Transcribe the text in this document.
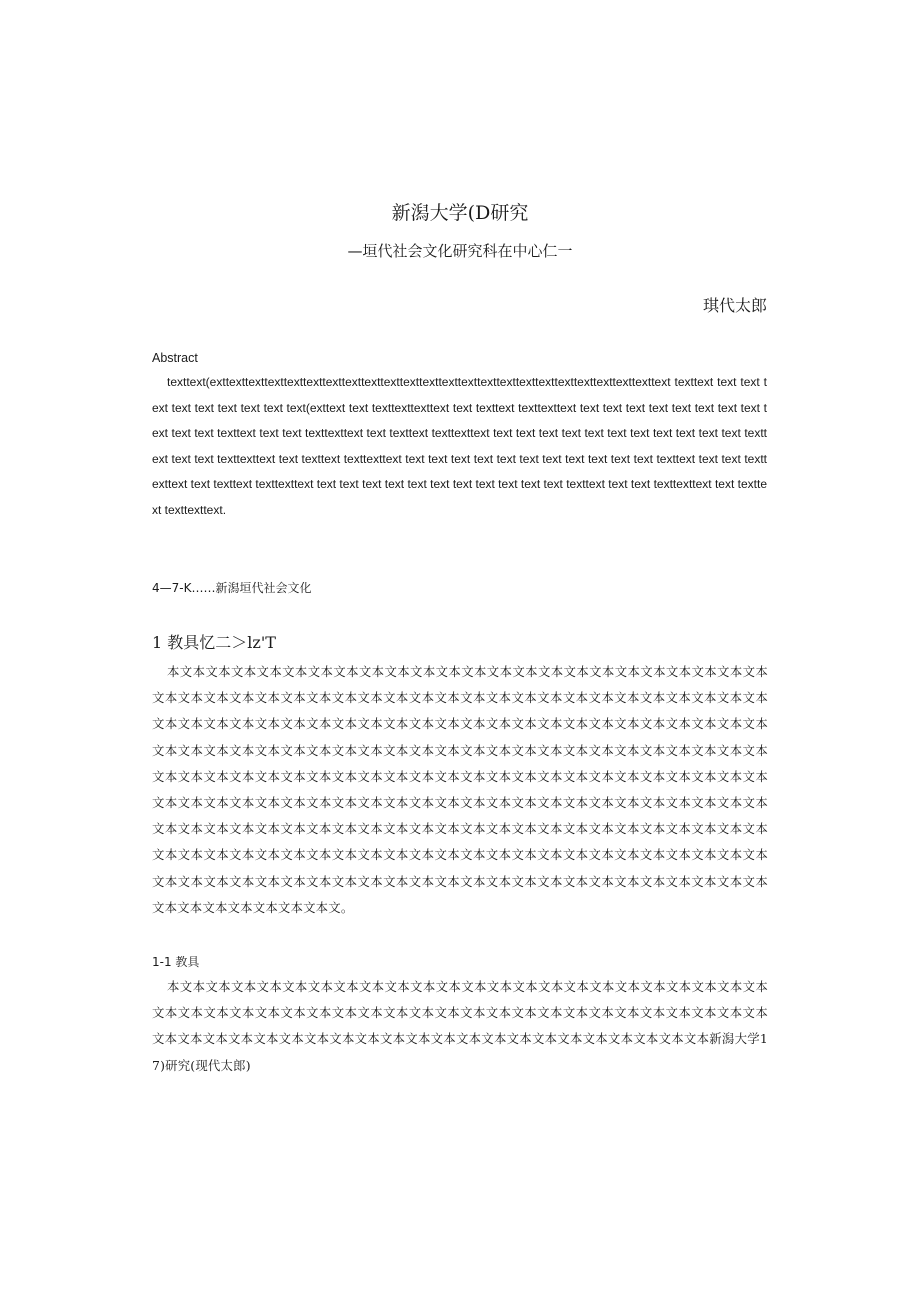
新潟大学(D研究
—垣代社会文化研究科在中心仁一
琪代太郎
Abstract
texttext(exttexttexttexttexttexttexttexttexttexttexttexttexttexttexttexttexttexttexttexttexttexttexttext texttext text text text text text text text text text(exttext text texttexttexttext text texttext texttexttext text text text text text text text text text text text texttext text text texttexttext text texttext texttexttext text text text text text text text text text text text texttext text text texttexttext text texttext texttexttext text text text text text text text text text text text texttext text text texttexttext text texttext texttexttext text text text text text text text text text text text texttext text text texttexttext text texttext texttexttext.
4—7-K……新潟垣代社会文化
1 教具忆二＞lz'T
本文本文本文本文本文本文本文本文本文本文本文本文本文本文本文本文本文本文本文本文本文本文本文本文本文本文本文本文本文本文本文本文本文本文本文本文本文本文本文本文本文本文本文本文本文本文本文本文本文本文本文本文本文本文本文本文本文本文本文本文本文本文本文本文本文本文本文本文本文本文本文本文本文本文本文本文本文本文本文本文本文本文本文本文本文本文本文本文本文本文本文本文本文本文本文本文本文本文本文本文本文本文本文本文本文本文本文本文本文本文本文本文本文本文本文本文本文本文本文本文本文本文本文本文本文本文本文本文本文本文本文本文本文本文本文本文本文本文本文本文本文本文本文本文本文本文本文本文本文本文本文本文本文本文本文本文本文本文本文本文本文本文本文本文本文本文本文本文本文本文本文本文本文本文本文本文本文本文本文本文本文本文本文本文本文本文本文本文本文本文本文本文本文本文本文本文本文本文本文本文本文本文本文本文本文本文本文本文本文本文本文本文本文本文本文本文本文本文本文本文本文本文本文。
1-1 教具
本文本文本文本文本文本文本文本文本文本文本文本文本文本文本文本文本文本文本文本文本文本文本文本文本文本文本文本文本文本文本文本文本文本文本文本文本文本文本文本文本文本文本文本文本文本文本文本文本文本文本文本文本文本文本文本文本文本文本文本文本文本文本文本文本文本文本文本文本文本新潟大学17)研究(现代太郎)
